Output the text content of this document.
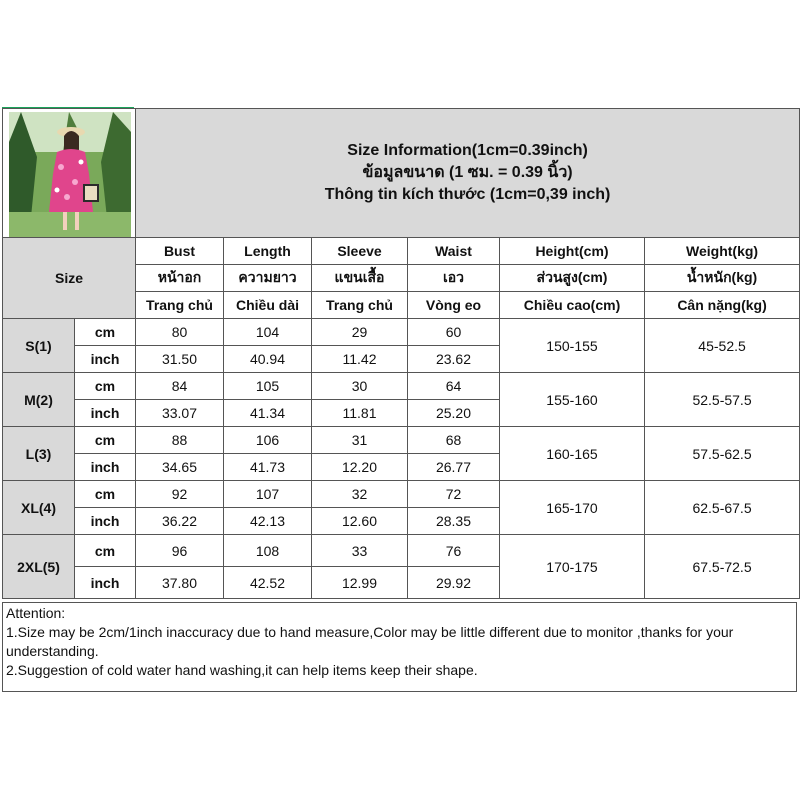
Size Information(1cm=0.39inch)
ข้อมูลขนาด (1 ซม. = 0.39 นิ้ว)
Thông tin kích thước (1cm=0,39 inch)					

Size		Bust	Length	Sleeve	Waist	Height(cm)	Weight(kg)
		หน้าอก	ความยาว	แขนเสื้อ	เอว	ส่วนสูง(cm)	น้ำหนัก(kg)
		Trang chủ	Chiều dài	Trang chủ	Vòng eo	Chiều cao(cm)	Cân nặng(kg)
S(1)	cm	80	104	29	60	150-155	45-52.5
	inch	31.50	40.94	11.42	23.62		
M(2)	cm	84	105	30	64	155-160	52.5-57.5
	inch	33.07	41.34	11.81	25.20		
L(3)	cm	88	106	31	68	160-165	57.5-62.5
	inch	34.65	41.73	12.20	26.77		
XL(4)	cm	92	107	32	72	165-170	62.5-67.5
	inch	36.22	42.13	12.60	28.35		
2XL(5)	cm	96	108	33	76	170-175	67.5-72.5
	inch	37.80	42.52	12.99	29.92		
Attention:
1.Size may be 2cm/1inch inaccuracy due to hand measure,Color may be little different due to monitor ,thanks for your understanding.
2.Suggestion of cold water hand washing,it can help items keep their shape.
